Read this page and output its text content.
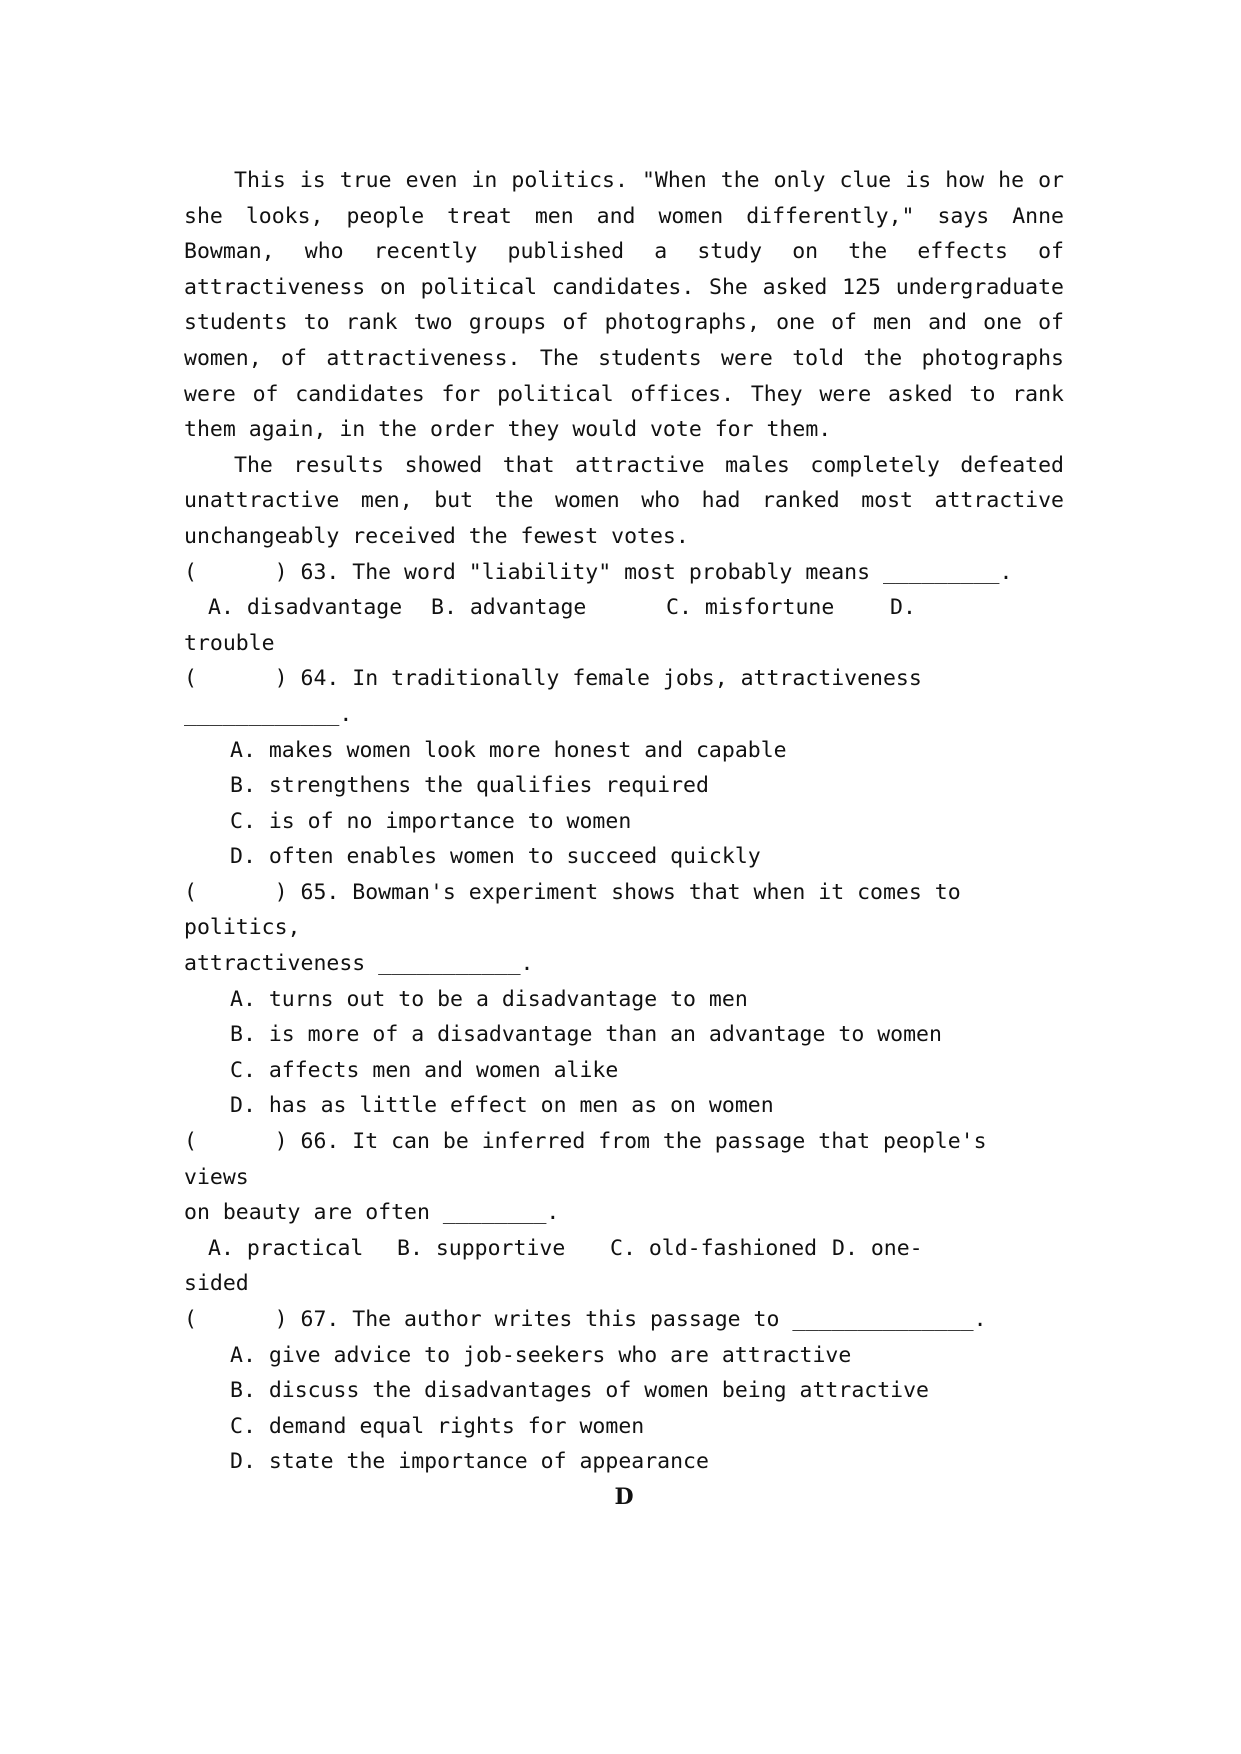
This is true even in politics. "When the only clue is how he or she looks, people treat men and women differently," says Anne Bowman, who recently published a study on the effects of attractiveness on political candidates. She asked 125 undergraduate students to rank two groups of photographs, one of men and one of women, of attractiveness. The students were told the photographs were of candidates for political offices. They were asked to rank them again, in the order they would vote for them.

The results showed that attractive males completely defeated unattractive men, but the women who had ranked most attractive unchangeably received the fewest votes.

(      ) 63. The word "liability" most probably means _________.

A. disadvantage B. advantage	C. misfortune	D.

trouble

(      ) 64. In traditionally female jobs, attractiveness

____________.

A. makes women look more honest and capable

B. strengthens the qualifies required

C. is of no importance to women

D. often enables women to succeed quickly

(      ) 65. Bowman's experiment shows that when it comes to politics,

attractiveness ___________.

A. turns out to be a disadvantage to men

B. is more of a disadvantage than an advantage to women

C. affects men and women alike

D. has as little effect on men as on women

(      ) 66. It can be inferred from the passage that people's views

on beauty are often ________.

A. practical B. supportive C. old-fashioned D. one-

sided

(      ) 67. The author writes this passage to ______________.

A. give advice to job-seekers who are attractive

B. discuss the disadvantages of women being attractive

C. demand equal rights for women

D. state the importance of appearance

D
